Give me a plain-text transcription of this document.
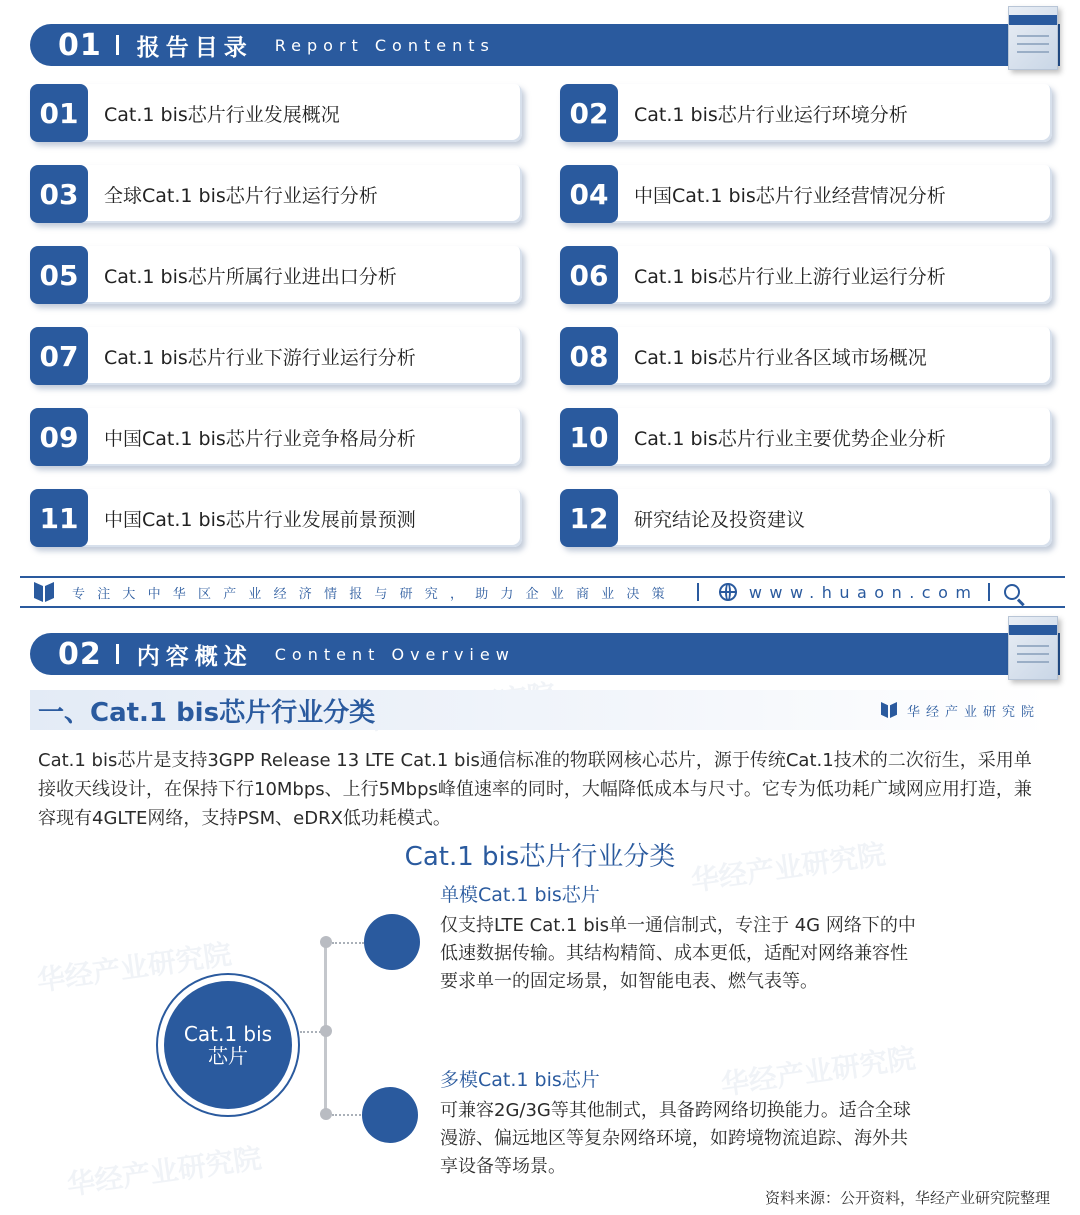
华经产业研究院
华经产业研究院
华经产业研究院
华经产业研究院
01 报告目录 Report Contents
01	Cat.1 bis芯片行业发展概况	02	Cat.1 bis芯片行业运行环境分析
03	全球Cat.1 bis芯片行业运行分析	04	中国Cat.1 bis芯片行业经营情况分析
05	Cat.1 bis芯片所属行业进出口分析	06	Cat.1 bis芯片行业上游行业运行分析
07	Cat.1 bis芯片行业下游行业运行分析	08	Cat.1 bis芯片行业各区域市场概况
09	中国Cat.1 bis芯片行业竞争格局分析	10	Cat.1 bis芯片行业主要优势企业分析
11	中国Cat.1 bis芯片行业发展前景预测	12	研究结论及投资建议
专注大中华区产业经济情报与研究，助力企业商业决策	www.huaon.com
02 内容概述 Content Overview
一、Cat.1 bis芯片行业分类	华经产业研究院
Cat.1 bis芯片是支持3GPP Release 13 LTE Cat.1 bis通信标准的物联网核心芯片，源于传统Cat.1技术的二次衍生，采用单接收天线设计，在保持下行10Mbps、上行5Mbps峰值速率的同时，大幅降低成本与尺寸。它专为低功耗广域网应用打造，兼容现有4GLTE网络，支持PSM、eDRX低功耗模式。
Cat.1 bis芯片行业分类
Cat.1 bis
芯片
单模Cat.1 bis芯片
仅支持LTE Cat.1 bis单一通信制式，专注于 4G 网络下的中低速数据传输。其结构精简、成本更低，适配对网络兼容性要求单一的固定场景，如智能电表、燃气表等。
多模Cat.1 bis芯片
可兼容2G/3G等其他制式，具备跨网络切换能力。适合全球漫游、偏远地区等复杂网络环境，如跨境物流追踪、海外共享设备等场景。
资料来源：公开资料，华经产业研究院整理
